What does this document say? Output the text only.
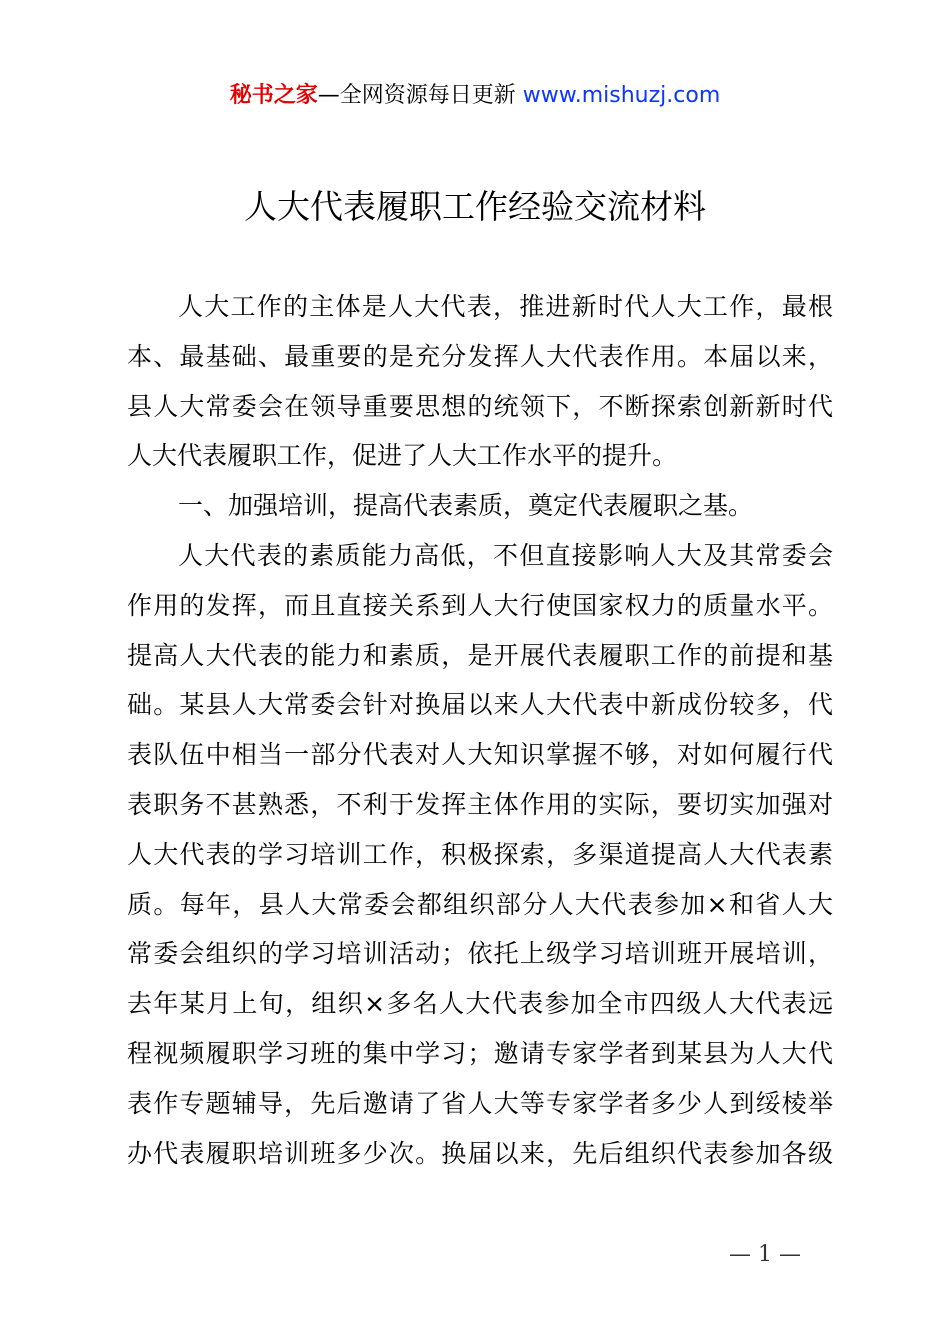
秘书之家—全网资源每日更新 www.mishuzj.com
人大代表履职工作经验交流材料
人大工作的主体是人大代表，推进新时代人大工作，最根
本、最基础、最重要的是充分发挥人大代表作用。本届以来，
县人大常委会在领导重要思想的统领下，不断探索创新新时代
人大代表履职工作，促进了人大工作水平的提升。
一、加强培训，提高代表素质，奠定代表履职之基。
人大代表的素质能力高低，不但直接影响人大及其常委会
作用的发挥，而且直接关系到人大行使国家权力的质量水平。
提高人大代表的能力和素质，是开展代表履职工作的前提和基
础。某县人大常委会针对换届以来人大代表中新成份较多，代
表队伍中相当一部分代表对人大知识掌握不够，对如何履行代
表职务不甚熟悉，不利于发挥主体作用的实际，要切实加强对
人大代表的学习培训工作，积极探索，多渠道提高人大代表素
质。每年，县人大常委会都组织部分人大代表参加×和省人大
常委会组织的学习培训活动；依托上级学习培训班开展培训，
去年某月上旬，组织×多名人大代表参加全市四级人大代表远
程视频履职学习班的集中学习；邀请专家学者到某县为人大代
表作专题辅导，先后邀请了省人大等专家学者多少人到绥棱举
办代表履职培训班多少次。换届以来，先后组织代表参加各级
— 1 —
